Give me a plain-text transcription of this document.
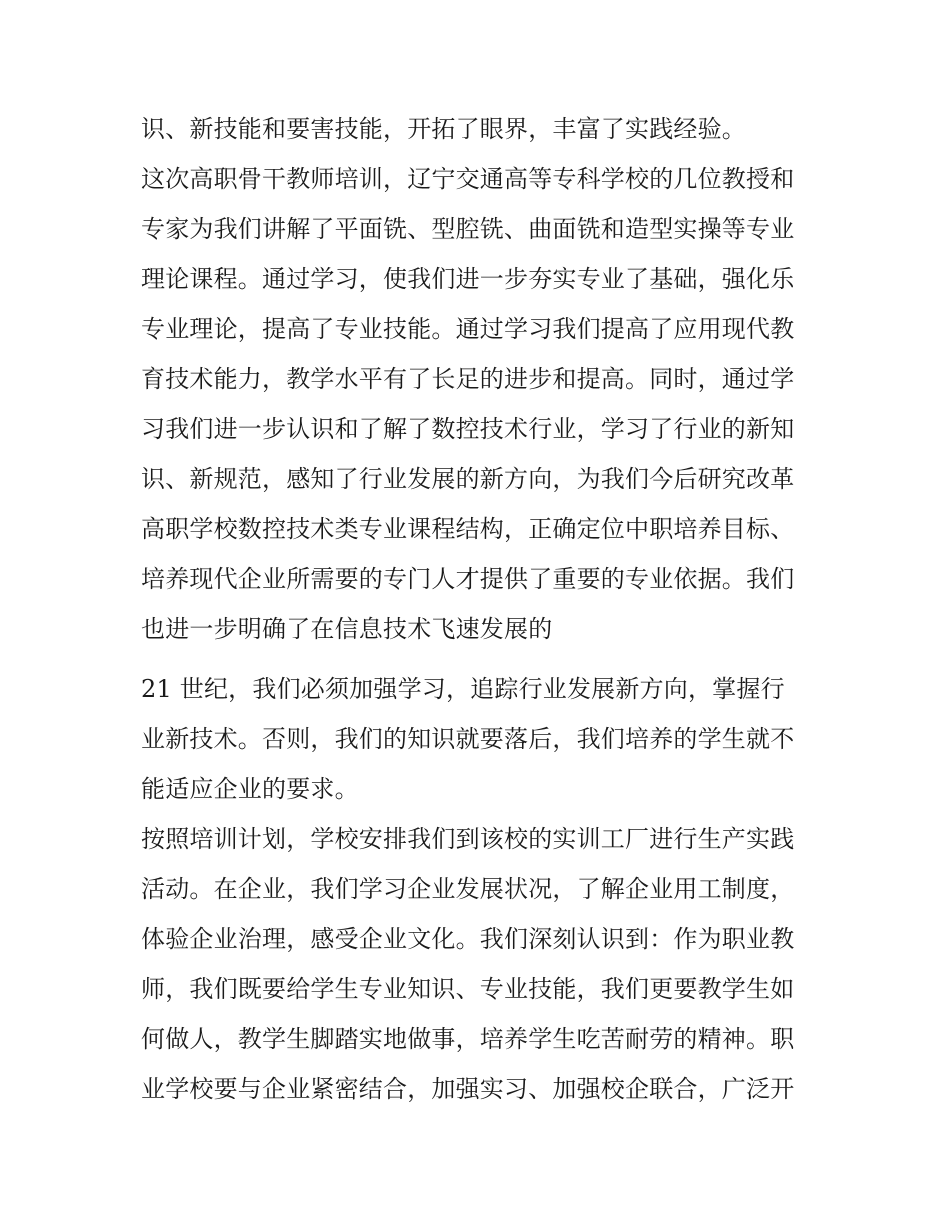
识、新技能和要害技能，开拓了眼界，丰富了实践经验。
这次高职骨干教师培训，辽宁交通高等专科学校的几位教授和
专家为我们讲解了平面铣、型腔铣、曲面铣和造型实操等专业
理论课程。通过学习，使我们进一步夯实专业了基础，强化乐
专业理论，提高了专业技能。通过学习我们提高了应用现代教
育技术能力，教学水平有了长足的进步和提高。同时，通过学
习我们进一步认识和了解了数控技术行业，学习了行业的新知
识、新规范，感知了行业发展的新方向，为我们今后研究改革
高职学校数控技术类专业课程结构，正确定位中职培养目标、
培养现代企业所需要的专门人才提供了重要的专业依据。我们
也进一步明确了在信息技术飞速发展的
21 世纪，我们必须加强学习，追踪行业发展新方向，掌握行
业新技术。否则，我们的知识就要落后，我们培养的学生就不
能适应企业的要求。
按照培训计划，学校安排我们到该校的实训工厂进行生产实践
活动。在企业，我们学习企业发展状况，了解企业用工制度，
体验企业治理，感受企业文化。我们深刻认识到：作为职业教
师，我们既要给学生专业知识、专业技能，我们更要教学生如
何做人，教学生脚踏实地做事，培养学生吃苦耐劳的精神。职
业学校要与企业紧密结合，加强实习、加强校企联合，广泛开
